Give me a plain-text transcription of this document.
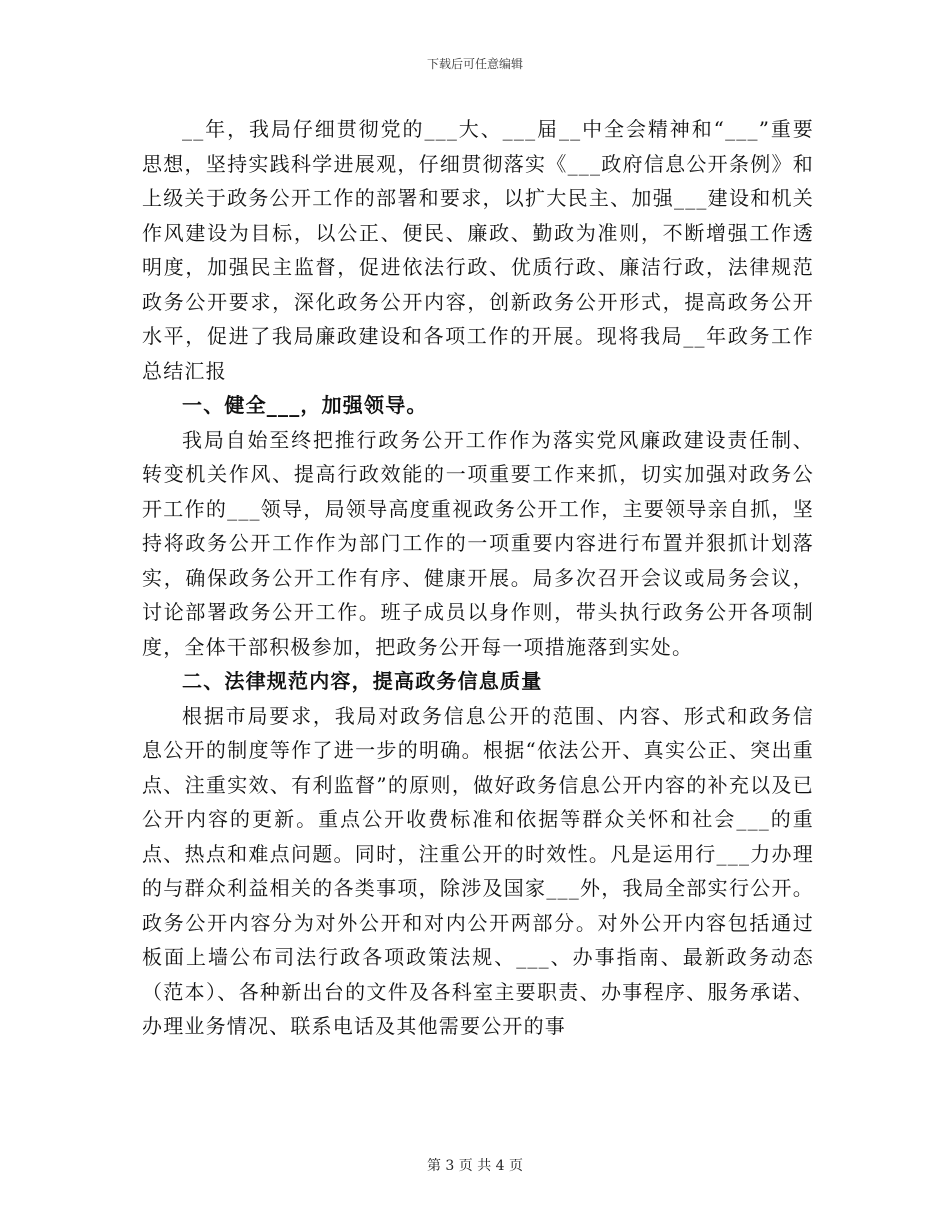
下载后可任意编辑

__年，我局仔细贯彻党的___大、___届__中全会精神和“___”重要思想，坚持实践科学进展观，仔细贯彻落实《___政府信息公开条例》和上级关于政务公开工作的部署和要求，以扩大民主、加强___建设和机关作风建设为目标，以公正、便民、廉政、勤政为准则，不断增强工作透明度，加强民主监督，促进依法行政、优质行政、廉洁行政，法律规范政务公开要求，深化政务公开内容，创新政务公开形式，提高政务公开水平，促进了我局廉政建设和各项工作的开展。现将我局__年政务工作总结汇报

一、健全___，加强领导。

我局自始至终把推行政务公开工作作为落实党风廉政建设责任制、转变机关作风、提高行政效能的一项重要工作来抓，切实加强对政务公开工作的___领导，局领导高度重视政务公开工作，主要领导亲自抓，坚持将政务公开工作作为部门工作的一项重要内容进行布置并狠抓计划落实，确保政务公开工作有序、健康开展。局多次召开会议或局务会议，讨论部署政务公开工作。班子成员以身作则，带头执行政务公开各项制度，全体干部积极参加，把政务公开每一项措施落到实处。

二、法律规范内容，提高政务信息质量

根据市局要求，我局对政务信息公开的范围、内容、形式和政务信息公开的制度等作了进一步的明确。根据“依法公开、真实公正、突出重点、注重实效、有利监督”的原则，做好政务信息公开内容的补充以及已公开内容的更新。重点公开收费标准和依据等群众关怀和社会___的重点、热点和难点问题。同时，注重公开的时效性。凡是运用行___力办理的与群众利益相关的各类事项，除涉及国家___外，我局全部实行公开。政务公开内容分为对外公开和对内公开两部分。对外公开内容包括通过板面上墙公布司法行政各项政策法规、___、办事指南、最新政务动态（范本）、各种新出台的文件及各科室主要职责、办事程序、服务承诺、办理业务情况、联系电话及其他需要公开的事

第 3 页 共 4 页
